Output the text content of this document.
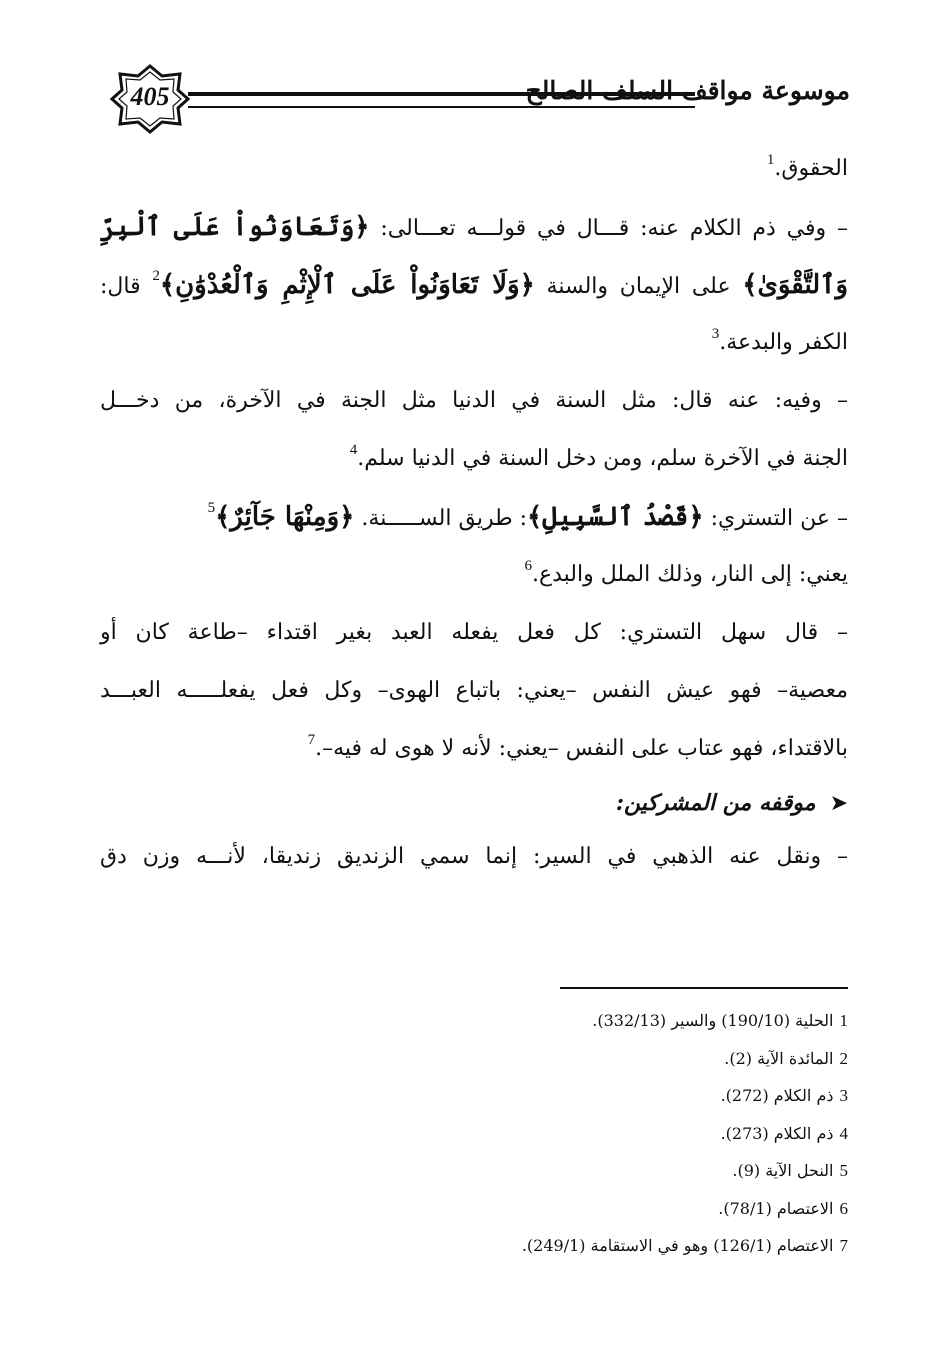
405	موسوعة مواقف السلف الصالح
الحقوق.$^1$
– وفي ذم الكلام عنه: قـــال في قولـــه تعـــالى: ﴿وَتَعَاوَنُواْ عَلَى ٱلْبِرِّ
وَٱلتَّقْوَىٰ﴾ على الإيمان والسنة ﴿وَلَا تَعَاوَنُواْ عَلَى ٱلْإِثْمِ وَٱلْعُدْوَٰنِ﴾$^2$ قال:
الكفر والبدعة.$^3$
– وفيه: عنه قال: مثل السنة في الدنيا مثل الجنة في الآخرة، من دخـــل
الجنة في الآخرة سلم، ومن دخل السنة في الدنيا سلم.$^4$
– عن التستري: ﴿قَصْدُ ٱلسَّبِيلِ﴾: طريق الســـــنة. ﴿وَمِنْهَا جَآئِرٌ﴾$^5$
يعني: إلى النار، وذلك الملل والبدع.$^6$
– قال سهل التستري: كل فعل يفعله العبد بغير اقتداء –طاعة كان أو
معصية– فهو عيش النفس –يعني: باتباع الهوى– وكل فعل يفعلـــــه العبـــد
بالاقتداء، فهو عتاب على النفس –يعني: لأنه لا هوى له فيه–.$^7$
➤موقفه من المشركين:
– ونقل عنه الذهبي في السير: إنما سمي الزنديق زنديقا، لأنـــه وزن دق
1الحلية (190/10) والسير (332/13).
2المائدة الآية (2).
3ذم الكلام (272).
4ذم الكلام (273).
5النحل الآية (9).
6الاعتصام (78/1).
7الاعتصام (126/1) وهو في الاستقامة (249/1).
